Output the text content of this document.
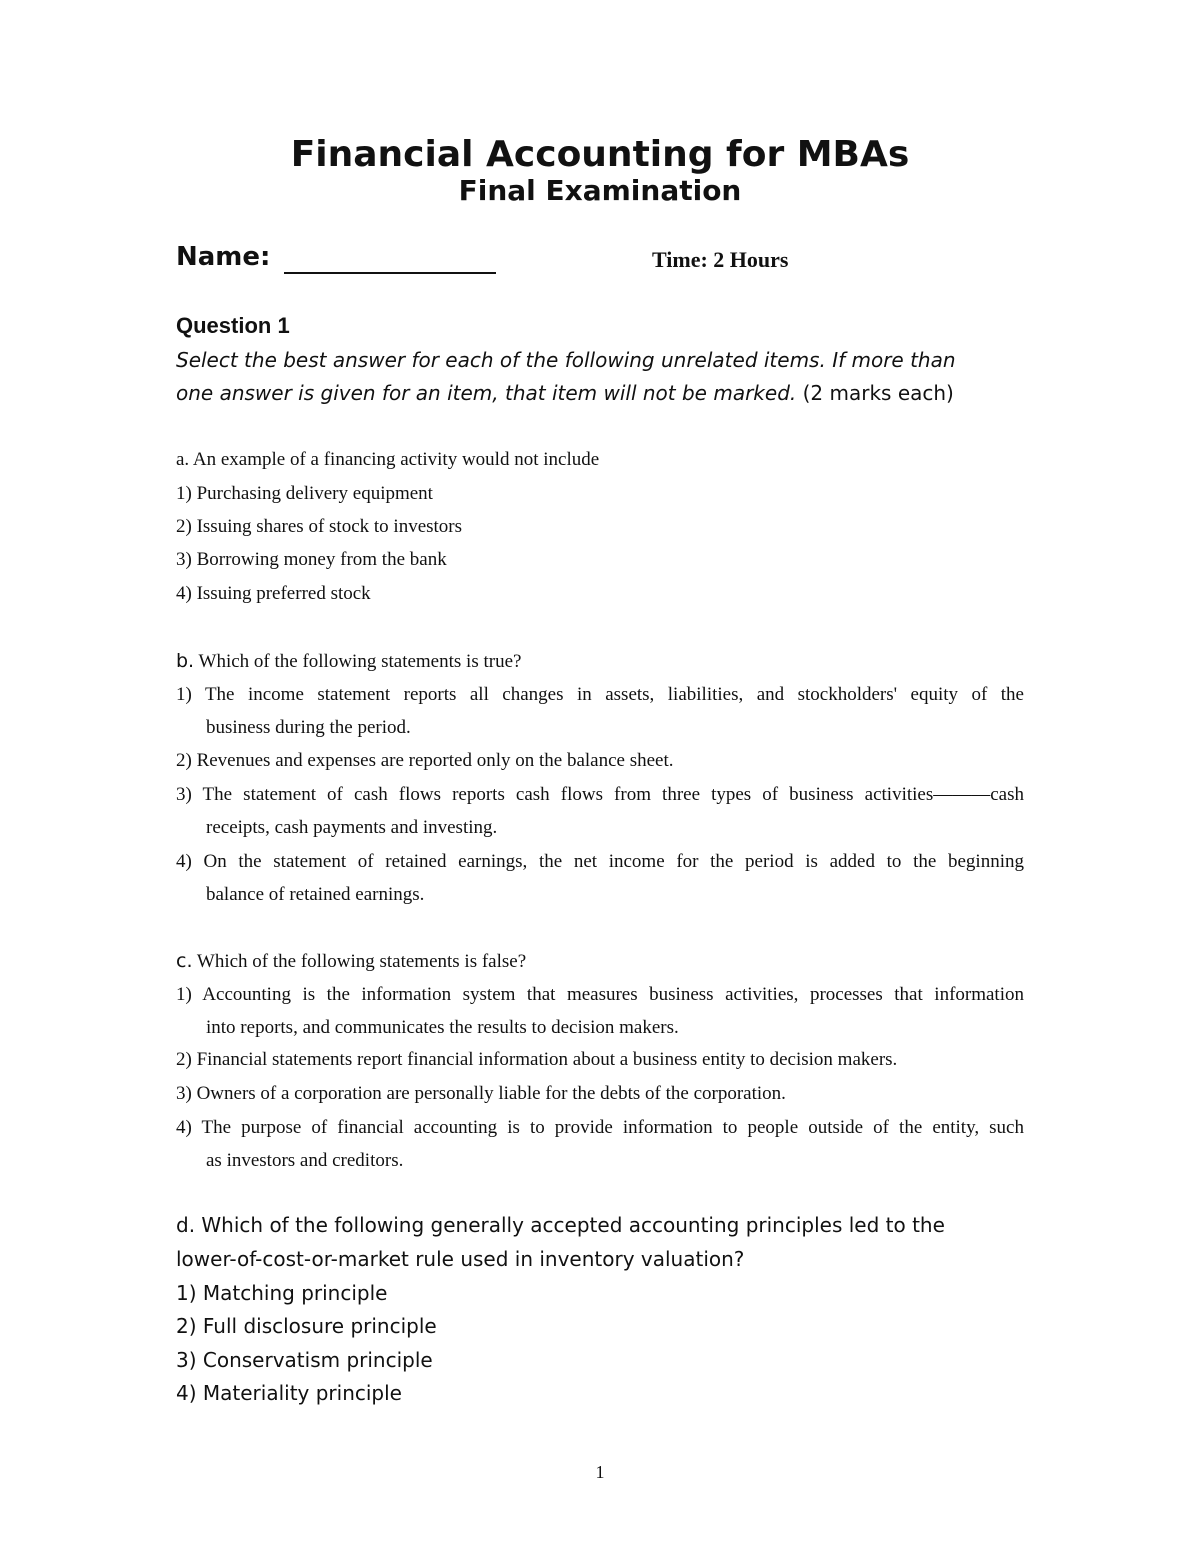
Financial Accounting for MBAs
Final Examination
Name:	Time: 2 Hours
Question 1
Select the best answer for each of the following unrelated items. If more than
one answer is given for an item, that item will not be marked. (2 marks each)
a. An example of a financing activity would not include
1) Purchasing delivery equipment
2) Issuing shares of stock to investors
3) Borrowing money from the bank
4) Issuing preferred stock
b. Which of the following statements is true?
1) The income statement reports all changes in assets, liabilities, and stockholders' equity of the
business during the period.
2) Revenues and expenses are reported only on the balance sheet.
3) The statement of cash flows reports cash flows from three types of business activities———cash
receipts, cash payments and investing.
4) On the statement of retained earnings, the net income for the period is added to the beginning
balance of retained earnings.
c. Which of the following statements is false?
1) Accounting is the information system that measures business activities, processes that information
into reports, and communicates the results to decision makers.
2) Financial statements report financial information about a business entity to decision makers.
3) Owners of a corporation are personally liable for the debts of the corporation.
4) The purpose of financial accounting is to provide information to people outside of the entity, such
as investors and creditors.
d. Which of the following generally accepted accounting principles led to the
lower-of-cost-or-market rule used in inventory valuation?
1) Matching principle
2) Full disclosure principle
3) Conservatism principle
4) Materiality principle
1
